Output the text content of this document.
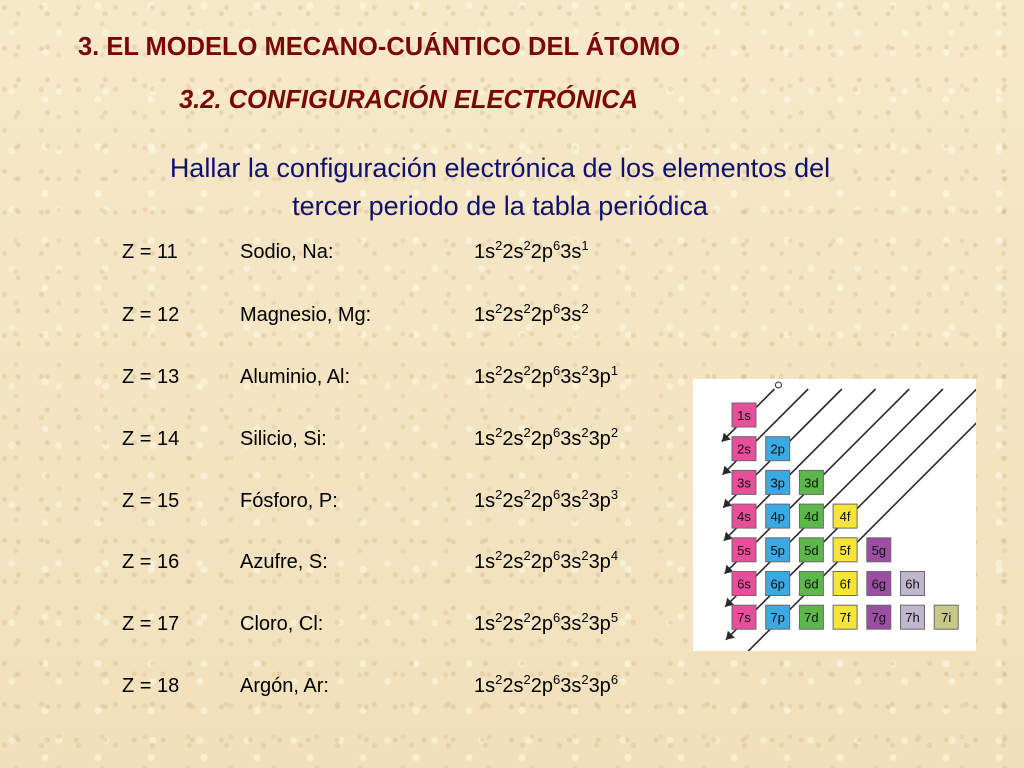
3. EL MODELO MECANO-CUÁNTICO DEL ÁTOMO
3.2. CONFIGURACIÓN ELECTRÓNICA
Hallar la configuración electrónica de los elementos del
tercer periodo de la tabla periódica
Z = 11	Sodio, Na:	$1s^22s^22p^63s^1$
Z = 12	Magnesio, Mg:	$1s^22s^22p^63s^2$
Z = 13	Aluminio, Al:	$1s^22s^22p^63s^23p^1$
Z = 14	Silicio, Si:	$1s^22s^22p^63s^23p^2$
Z = 15	Fósforo, P:	$1s^22s^22p^63s^23p^3$
Z = 16	Azufre, S:	$1s^22s^22p^63s^23p^4$
Z = 17	Cloro, Cl:	$1s^22s^22p^63s^23p^5$
Z = 18	Argón, Ar:	$1s^22s^22p^63s^23p^6$
1s
2s 2p
3s 3p 3d
4s 4p 4d 4f
5s 5p 5d 5f 5g
6s 6p 6d 6f 6g 6h
7s 7p 7d 7f 7g 7h 7i
